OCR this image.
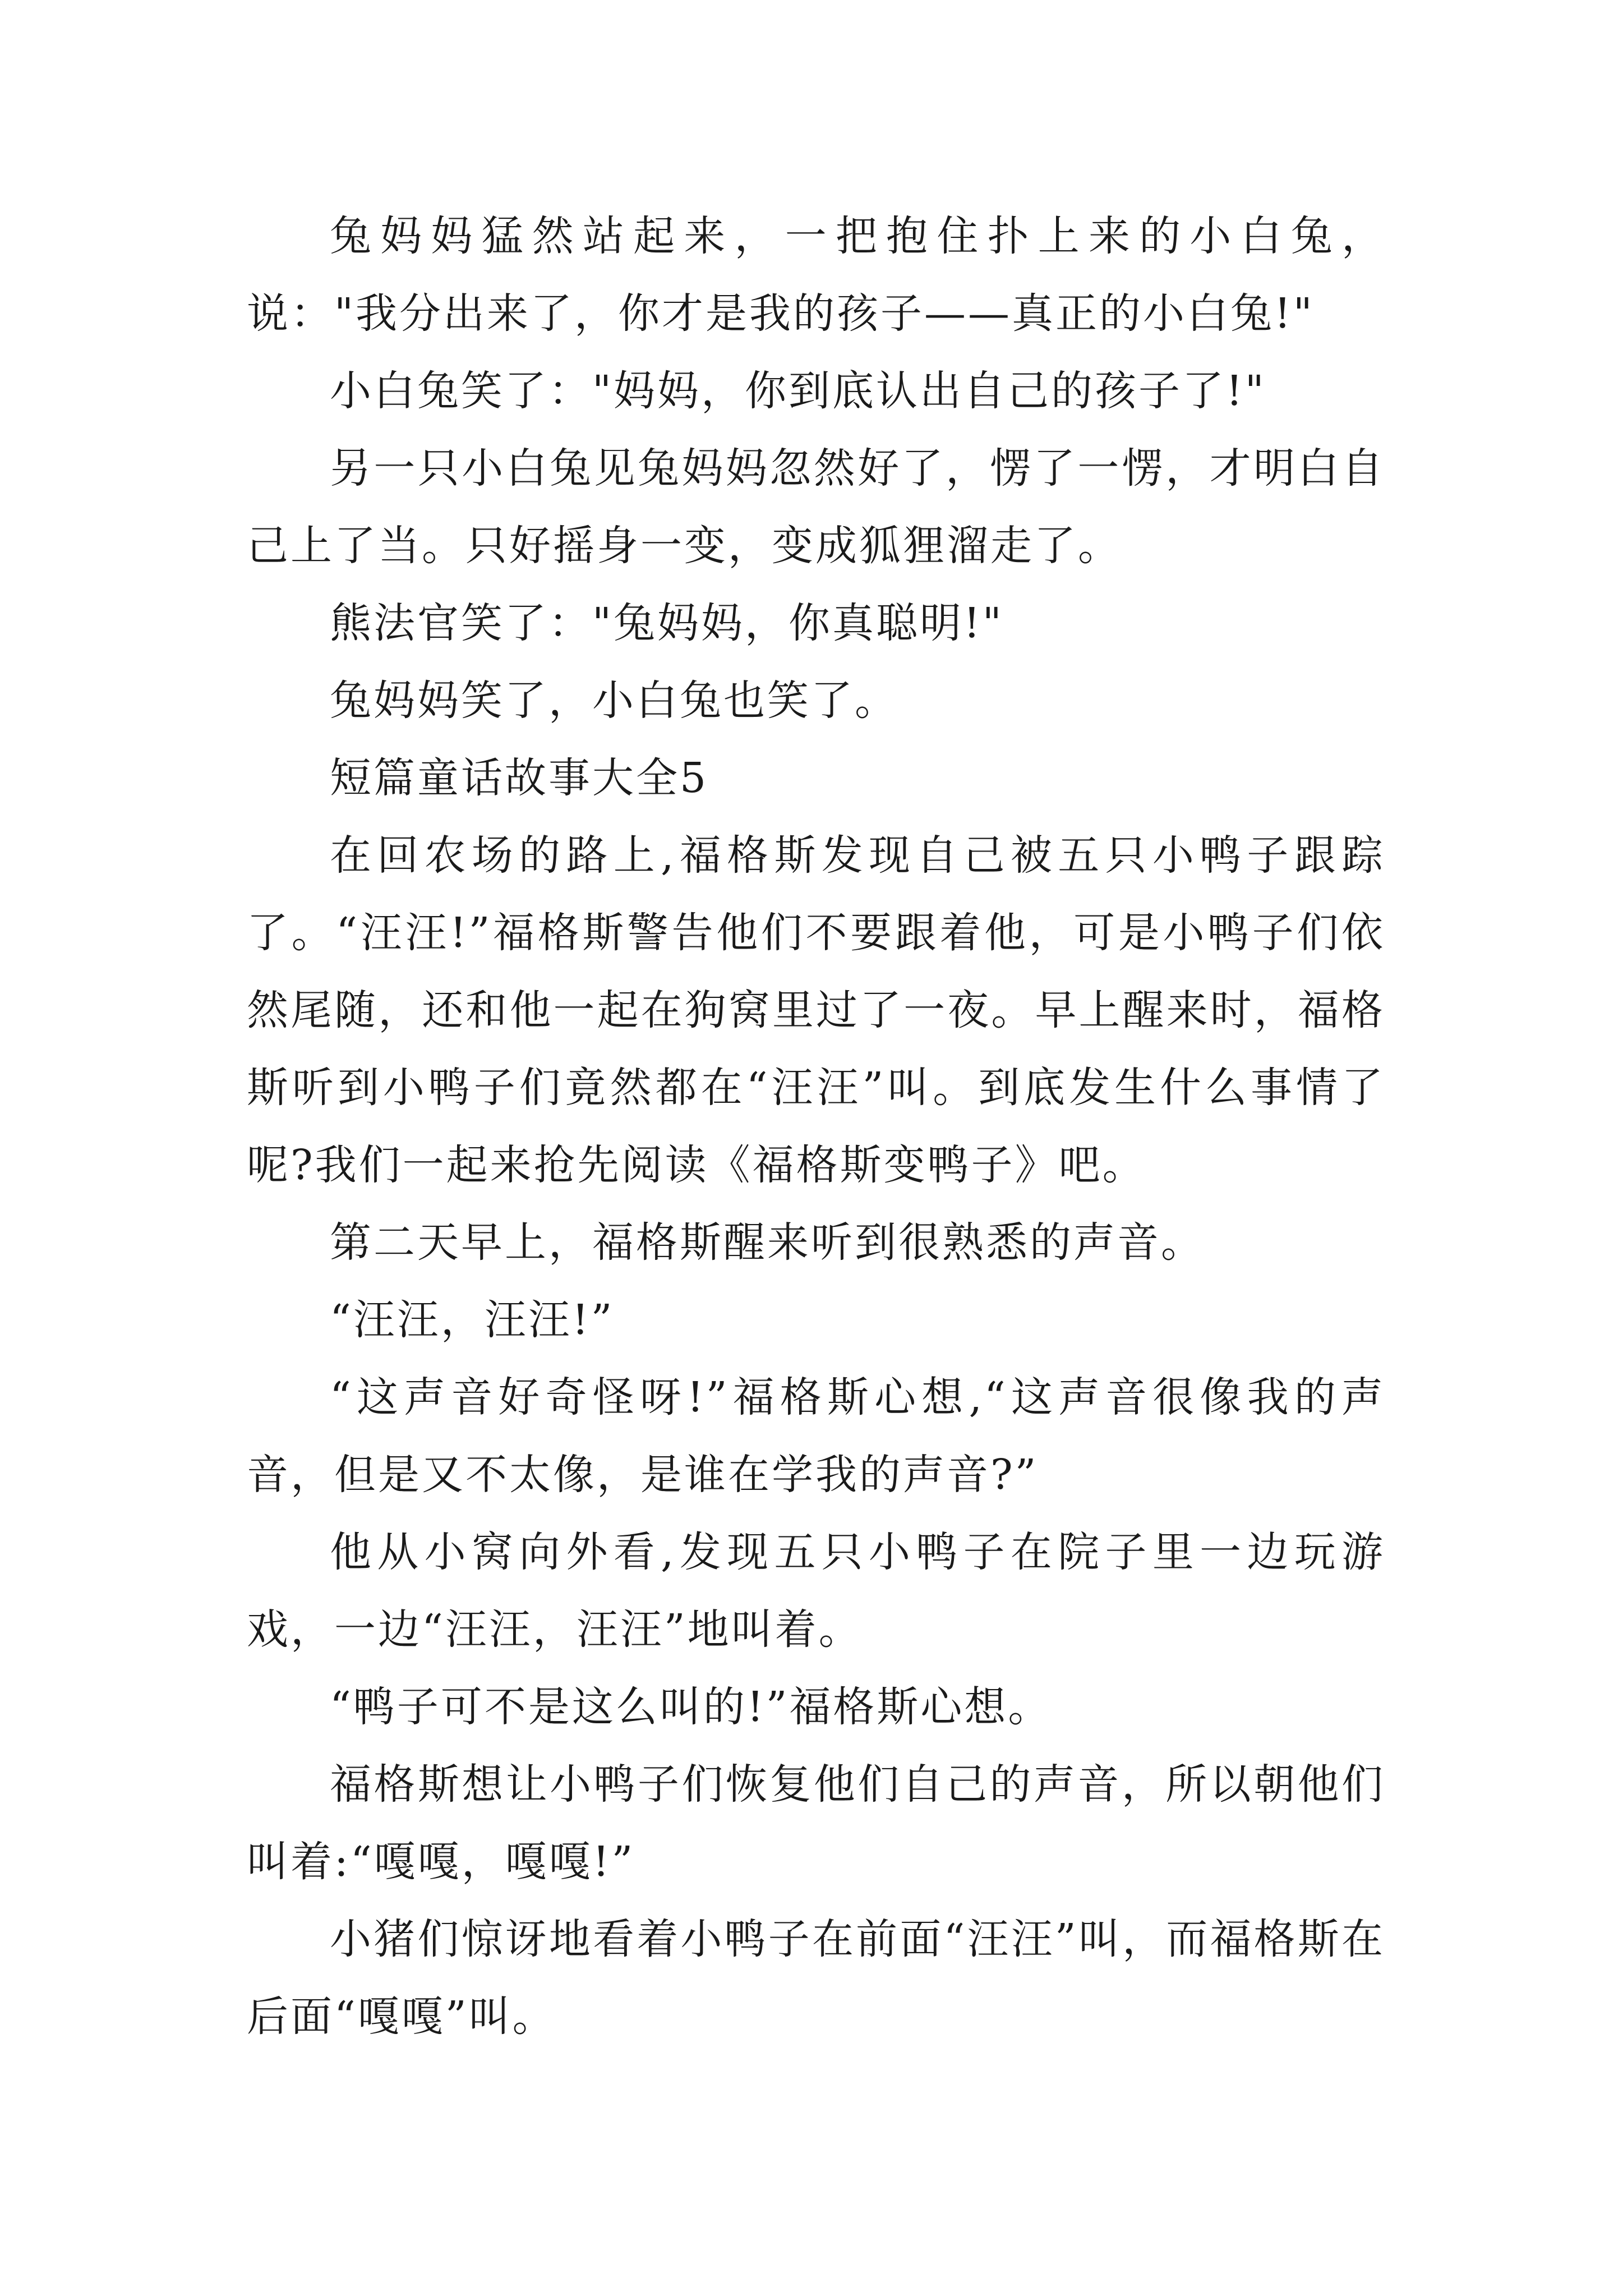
兔妈妈猛然站起来，一把抱住扑上来的小白兔，说："我分出来了，你才是我的孩子——真正的小白兔!"

小白兔笑了："妈妈，你到底认出自己的孩子了!"

另一只小白兔见兔妈妈忽然好了，愣了一愣，才明白自己上了当。只好摇身一变，变成狐狸溜走了。

熊法官笑了："兔妈妈，你真聪明!"

兔妈妈笑了，小白兔也笑了。

短篇童话故事大全5

在回农场的路上,福格斯发现自己被五只小鸭子跟踪了。“汪汪!”福格斯警告他们不要跟着他，可是小鸭子们依然尾随，还和他一起在狗窝里过了一夜。早上醒来时，福格斯听到小鸭子们竟然都在“汪汪”叫。到底发生什么事情了呢?我们一起来抢先阅读《福格斯变鸭子》吧。

第二天早上，福格斯醒来听到很熟悉的声音。

“汪汪，汪汪!”

“这声音好奇怪呀!”福格斯心想,“这声音很像我的声音，但是又不太像，是谁在学我的声音?”

他从小窝向外看,发现五只小鸭子在院子里一边玩游戏，一边“汪汪，汪汪”地叫着。

“鸭子可不是这么叫的!”福格斯心想。

福格斯想让小鸭子们恢复他们自己的声音，所以朝他们叫着:“嘎嘎，嘎嘎!”

小猪们惊讶地看着小鸭子在前面“汪汪”叫，而福格斯在后面“嘎嘎”叫。
